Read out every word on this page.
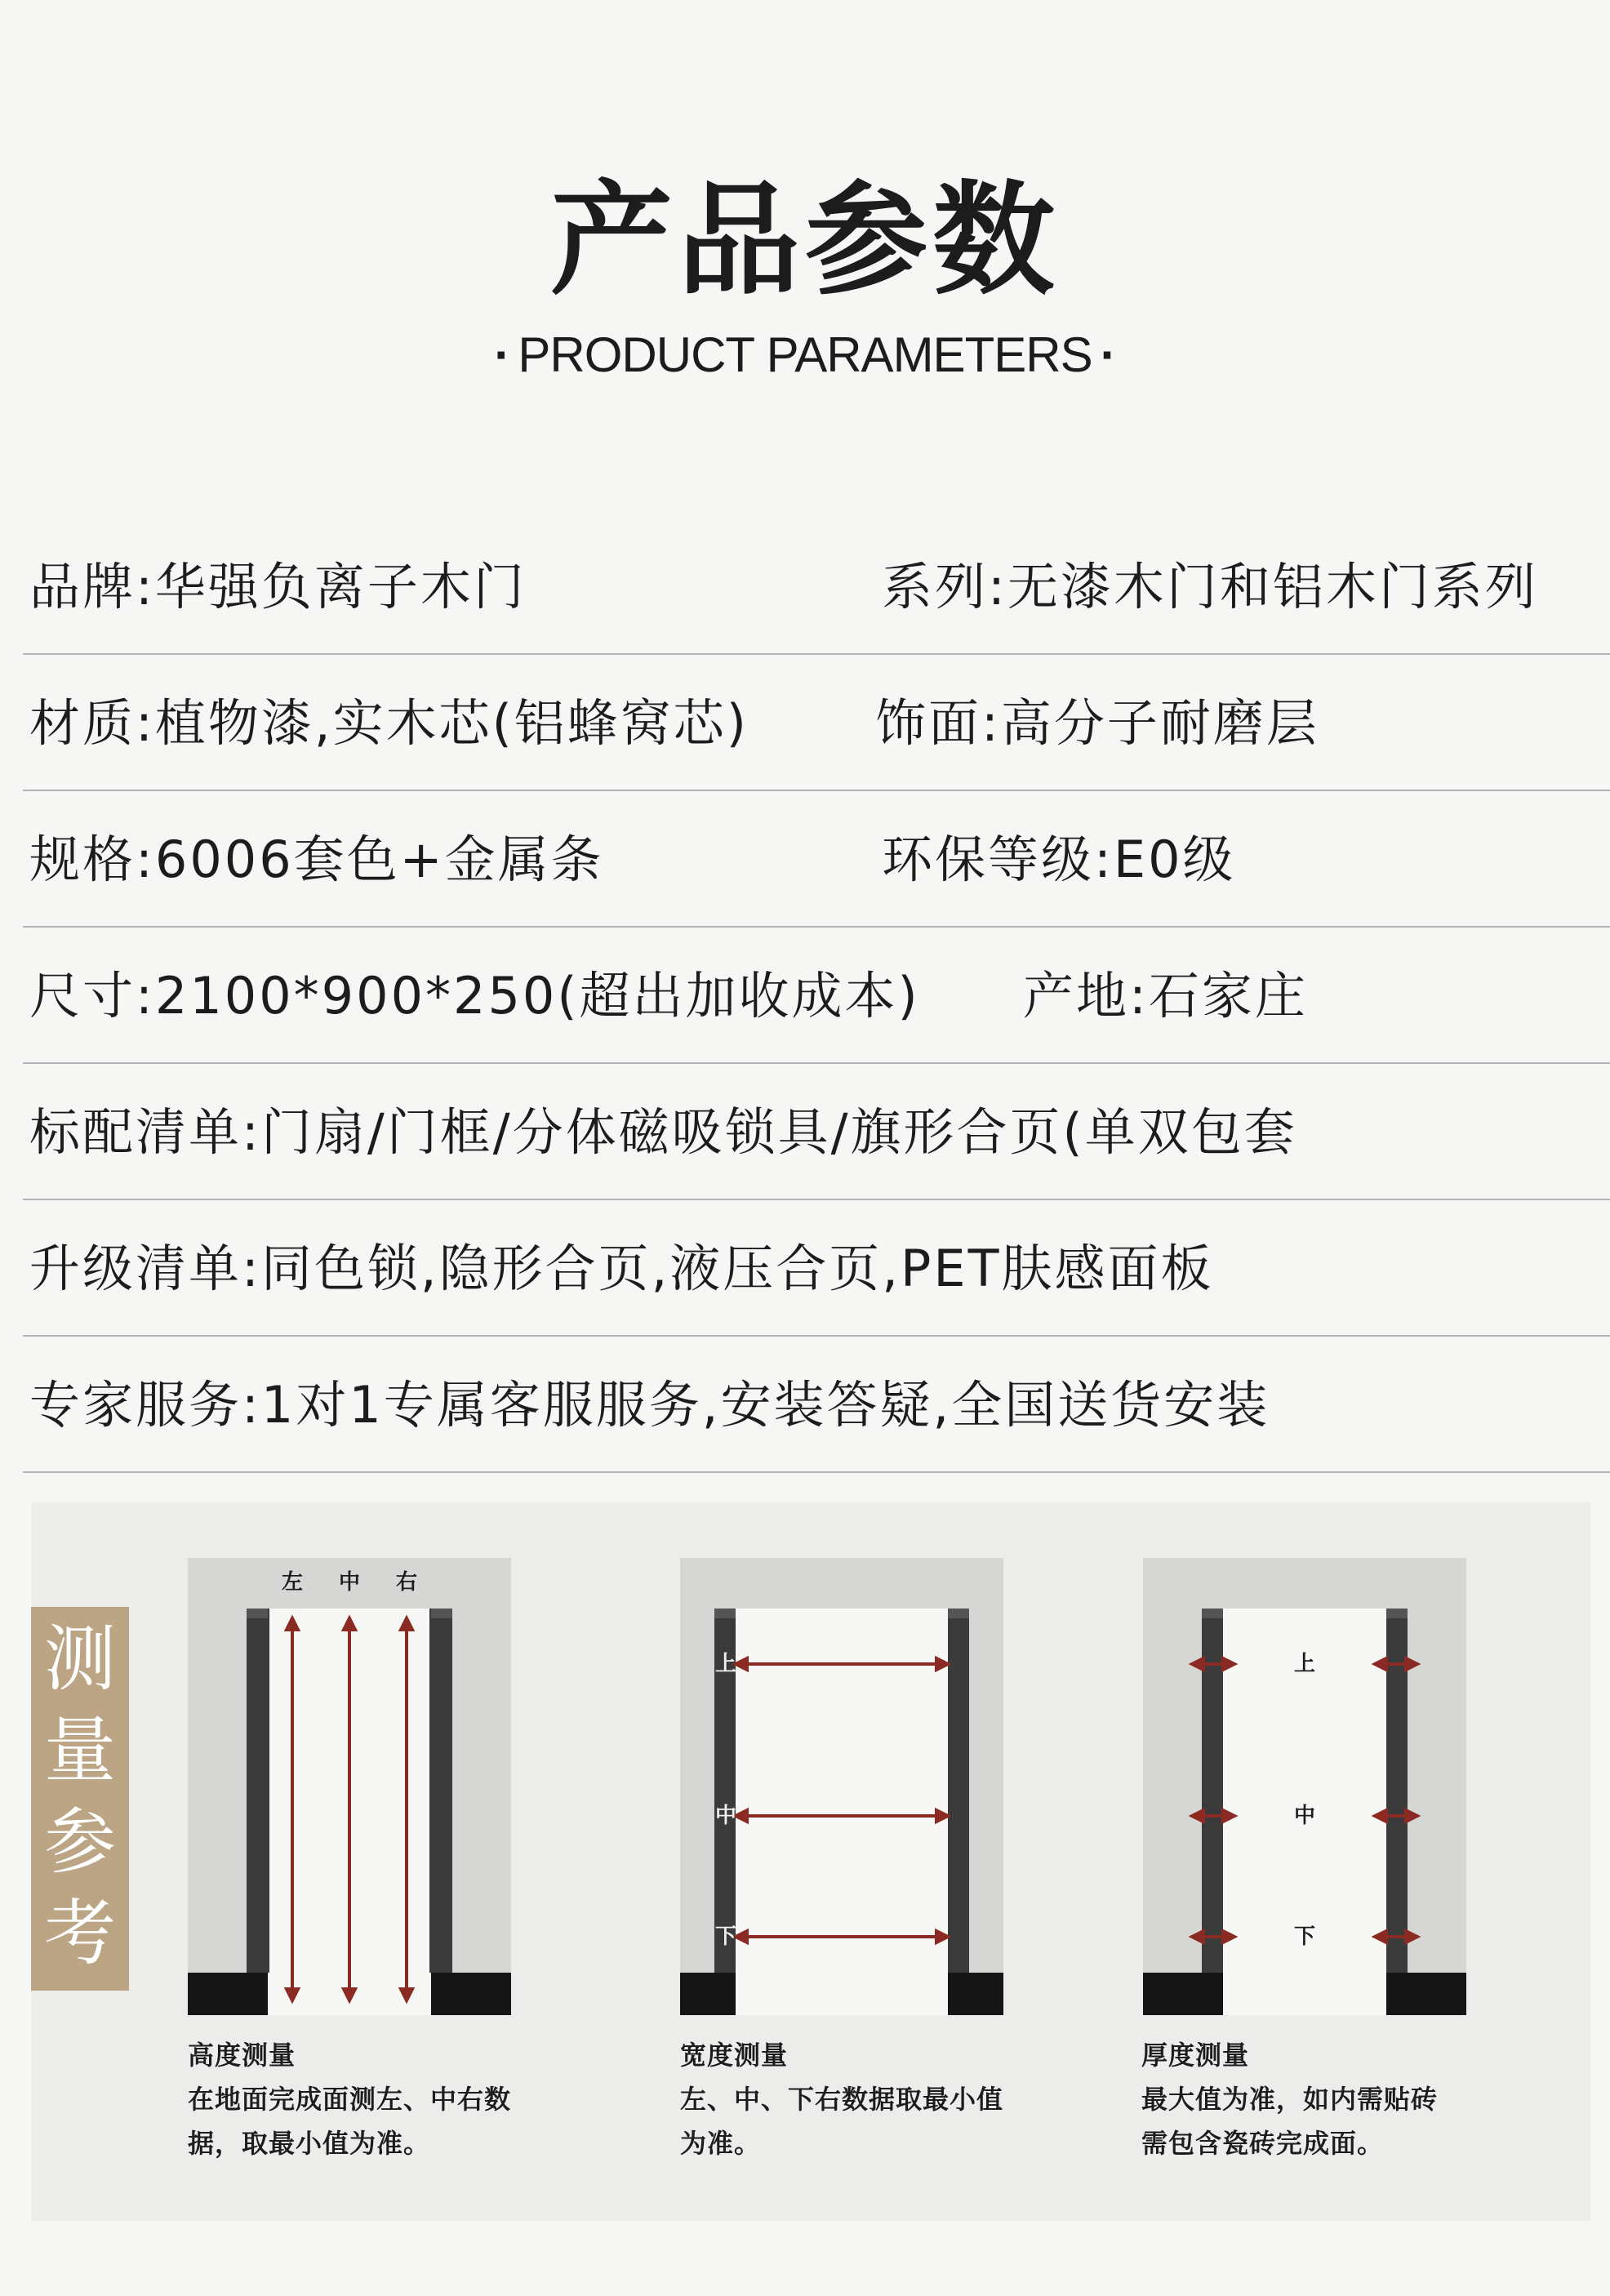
产品参数
· PRODUCT PARAMETERS ·
品牌:华强负离子木门	系列:无漆木门和铝木门系列
材质:植物漆,实木芯(铝蜂窝芯)	饰面:高分子耐磨层
规格:6006套色+金属条	环保等级:E0级
尺寸:2100*900*250(超出加收成本) 产地:石家庄
标配清单:门扇/门框/分体磁吸锁具/旗形合页(单双包套
升级清单:同色锁,隐形合页,液压合页,PET肤感面板
专家服务:1对1专属客服服务,安装答疑,全国送货安装
测
量
参
考
左 中 右
上
中
下
上
中
下
高度测量
在地面完成面测左、中右数
据，取最小值为准。
宽度测量
左、中、下右数据取最小值
为准。
厚度测量
最大值为准，如内需贴砖
需包含瓷砖完成面。
